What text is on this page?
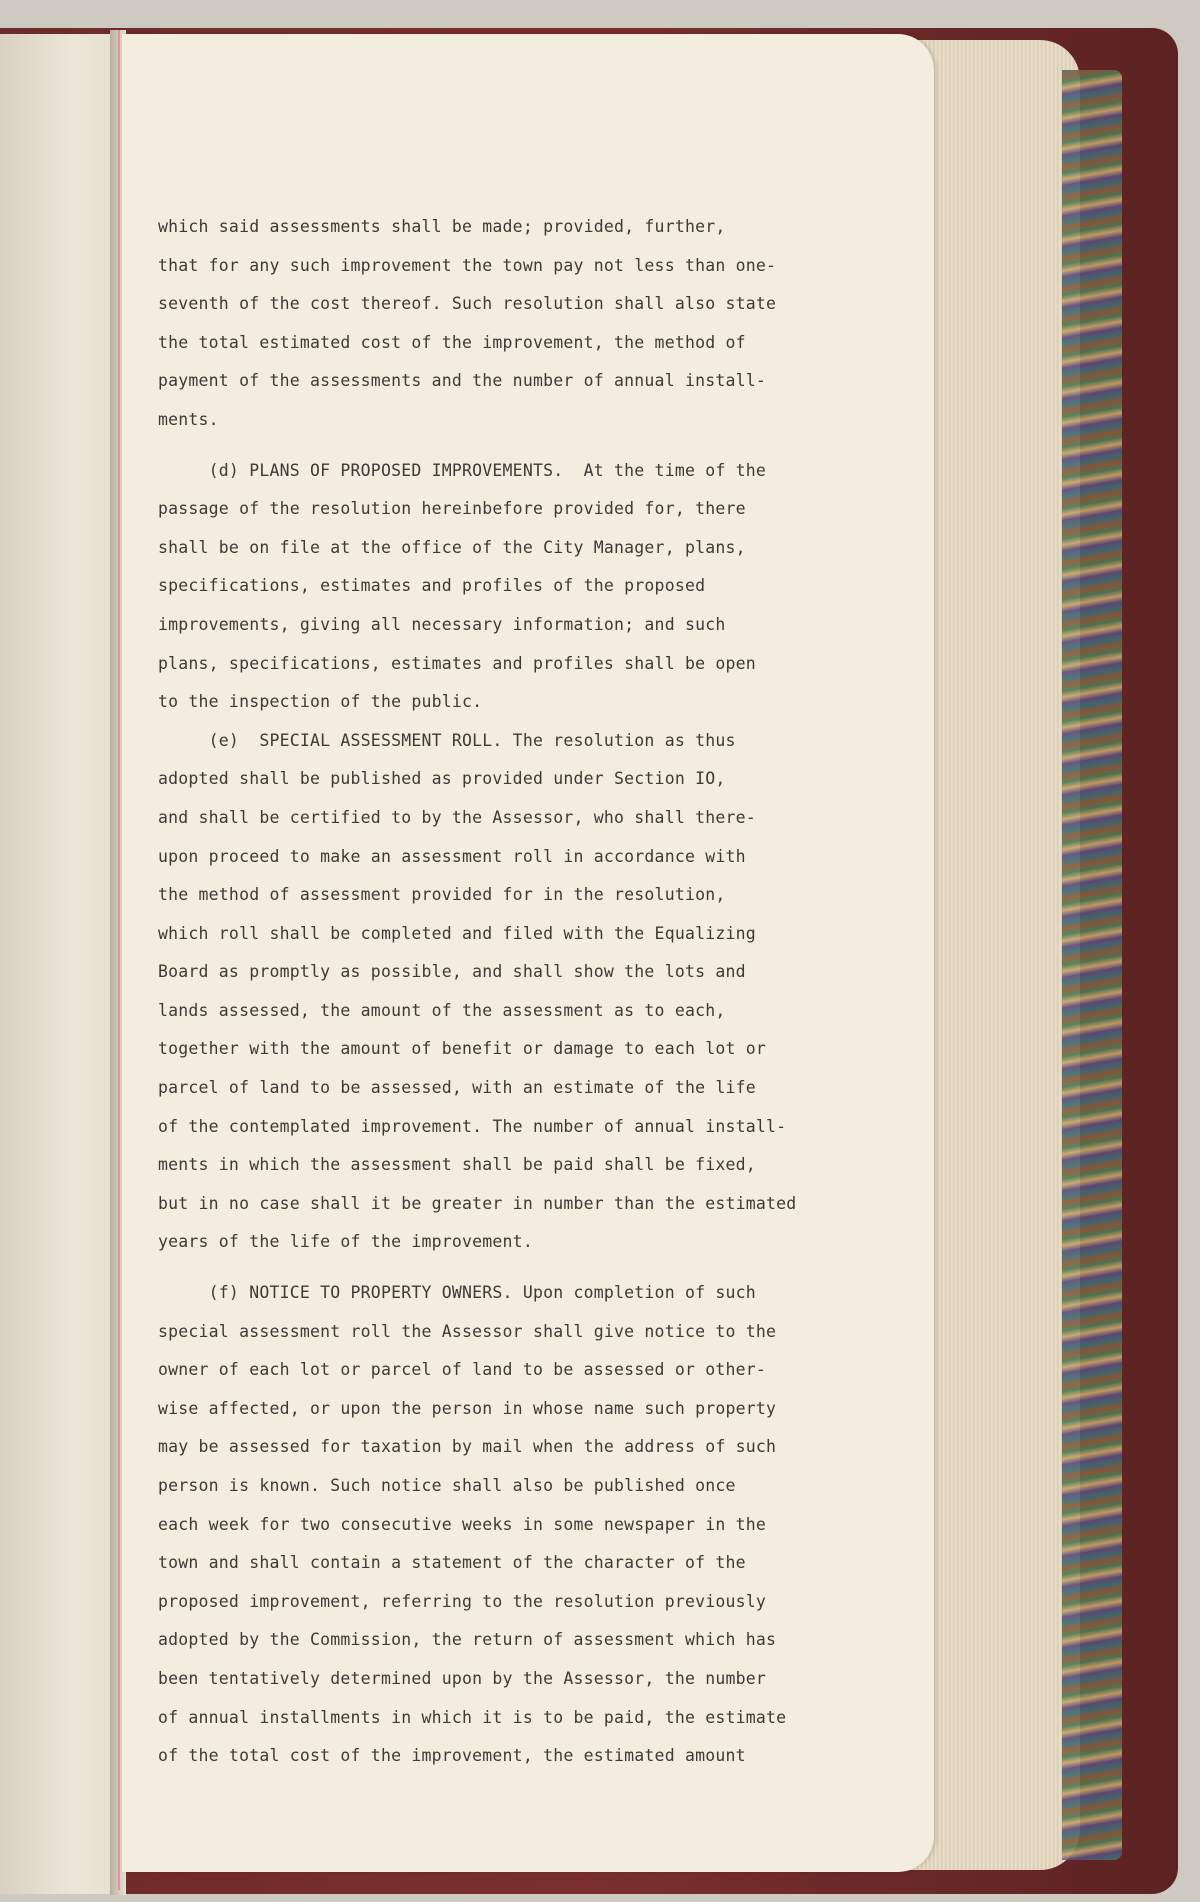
which said assessments shall be made; provided, further,
that for any such improvement the town pay not less than one-
seventh of the cost thereof. Such resolution shall also state
the total estimated cost of the improvement, the method of
payment of the assessments and the number of annual install-
ments.
(d) PLANS OF PROPOSED IMPROVEMENTS.  At the time of the
passage of the resolution hereinbefore provided for, there
shall be on file at the office of the City Manager, plans,
specifications, estimates and profiles of the proposed
improvements, giving all necessary information; and such
plans, specifications, estimates and profiles shall be open
to the inspection of the public.
(e)  SPECIAL ASSESSMENT ROLL. The resolution as thus
adopted shall be published as provided under Section IO,
and shall be certified to by the Assessor, who shall there-
upon proceed to make an assessment roll in accordance with
the method of assessment provided for in the resolution,
which roll shall be completed and filed with the Equalizing
Board as promptly as possible, and shall show the lots and
lands assessed, the amount of the assessment as to each,
together with the amount of benefit or damage to each lot or
parcel of land to be assessed, with an estimate of the life
of the contemplated improvement. The number of annual install-
ments in which the assessment shall be paid shall be fixed,
but in no case shall it be greater in number than the estimated
years of the life of the improvement.
(f) NOTICE TO PROPERTY OWNERS. Upon completion of such
special assessment roll the Assessor shall give notice to the
owner of each lot or parcel of land to be assessed or other-
wise affected, or upon the person in whose name such property
may be assessed for taxation by mail when the address of such
person is known. Such notice shall also be published once
each week for two consecutive weeks in some newspaper in the
town and shall contain a statement of the character of the
proposed improvement, referring to the resolution previously
adopted by the Commission, the return of assessment which has
been tentatively determined upon by the Assessor, the number
of annual installments in which it is to be paid, the estimate
of the total cost of the improvement, the estimated amount
